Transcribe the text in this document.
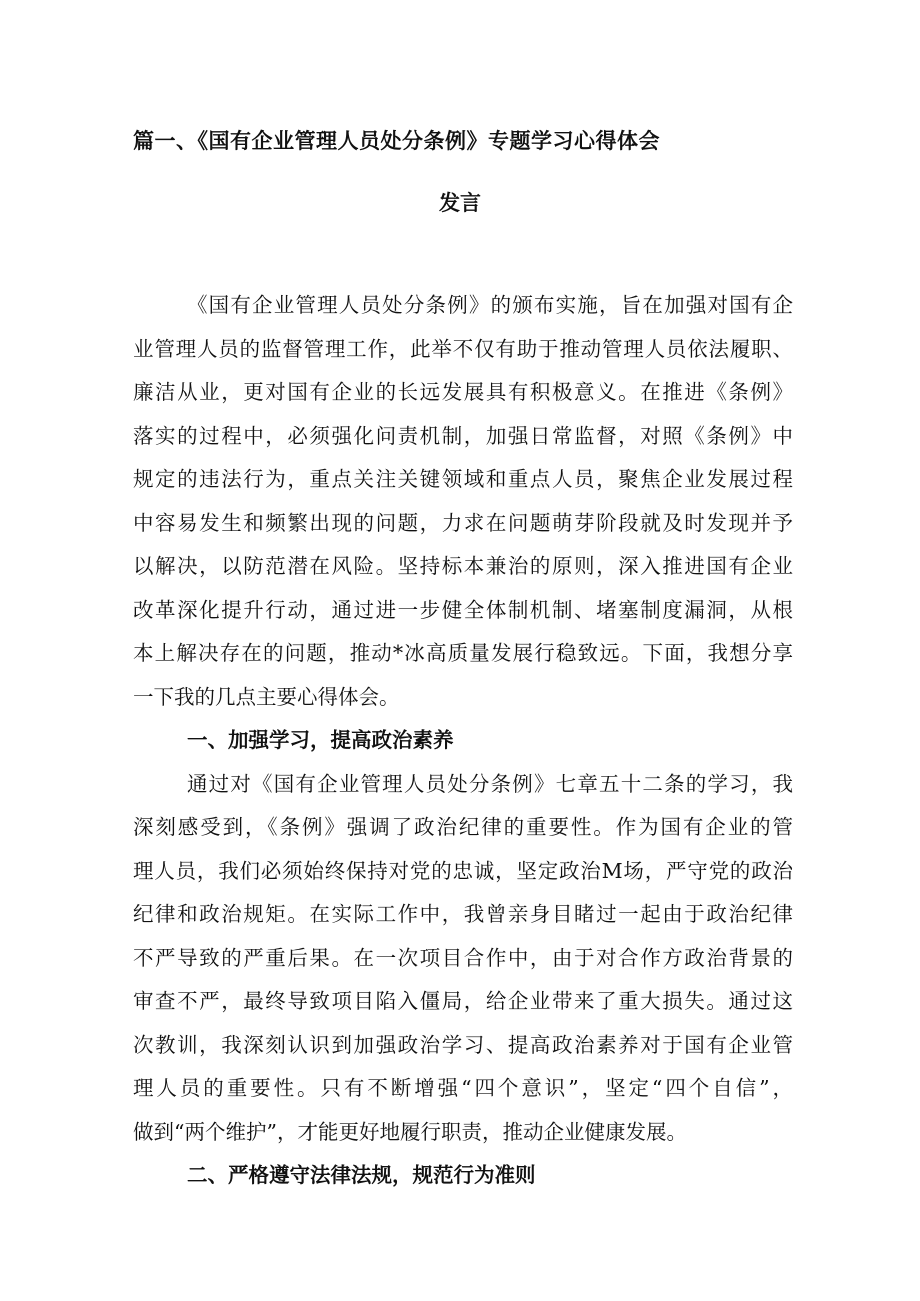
篇一、《国有企业管理人员处分条例》专题学习心得体会
发言
《国有企业管理人员处分条例》的颁布实施，旨在加强对国有企
业管理人员的监督管理工作，此举不仅有助于推动管理人员依法履职、
廉洁从业，更对国有企业的长远发展具有积极意义。在推进《条例》
落实的过程中，必须强化问责机制，加强日常监督，对照《条例》中
规定的违法行为，重点关注关键领域和重点人员，聚焦企业发展过程
中容易发生和频繁出现的问题，力求在问题萌芽阶段就及时发现并予
以解决，以防范潜在风险。坚持标本兼治的原则，深入推进国有企业
改革深化提升行动，通过进一步健全体制机制、堵塞制度漏洞，从根
本上解决存在的问题，推动*冰高质量发展行稳致远。下面，我想分享
一下我的几点主要心得体会。
一、加强学习，提高政治素养
通过对《国有企业管理人员处分条例》七章五十二条的学习，我
深刻感受到，《条例》强调了政治纪律的重要性。作为国有企业的管
理人员，我们必须始终保持对党的忠诚，坚定政治M场，严守党的政治
纪律和政治规矩。在实际工作中，我曾亲身目睹过一起由于政治纪律
不严导致的严重后果。在一次项目合作中，由于对合作方政治背景的
审查不严，最终导致项目陷入僵局，给企业带来了重大损失。通过这
次教训，我深刻认识到加强政治学习、提高政治素养对于国有企业管
理人员的重要性。只有不断增强“四个意识”，坚定“四个自信”，
做到“两个维护”，才能更好地履行职责，推动企业健康发展。
二、严格遵守法律法规，规范行为准则
